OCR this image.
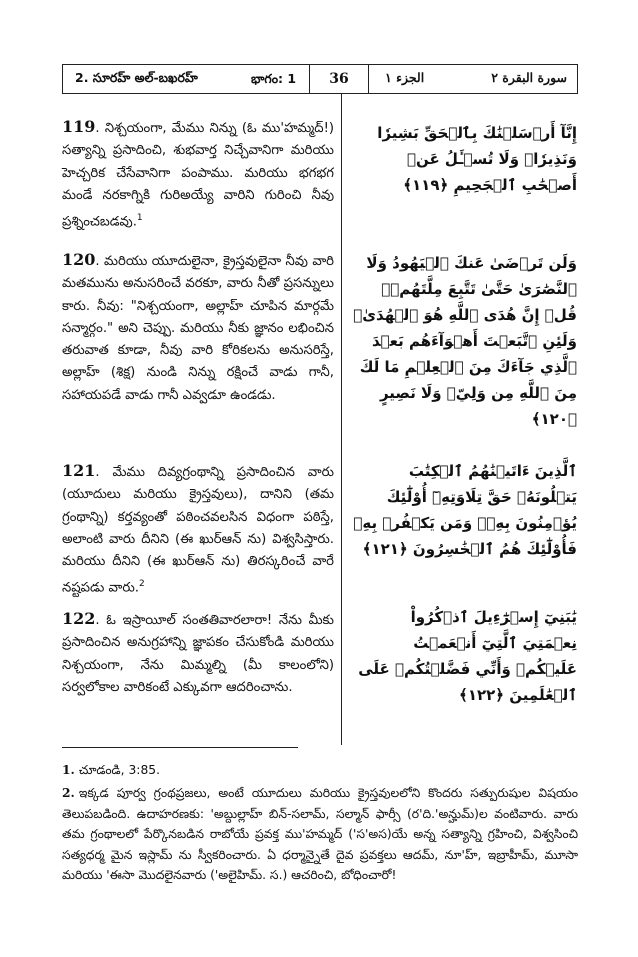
2. సూరహ్ అల్-బఖరహ్	భాగం: 1	36	الجزء ١	سورة البقرة ٢
119. నిశ్చయంగా, మేము నిన్ను (ఓ ము'హమ్మద్!) సత్యాన్ని ప్రసాదించి, శుభవార్త నిచ్చేవానిగా మరియు హెచ్చరిక చేసేవానిగా పంపాము. మరియు భగభగ మండే నరకాగ్నికి గురిఅయ్యే వారిని గురించి నీవు ప్రశ్నించబడవు.$^1$
إِنَّآ أَرۡسَلۡنَٰكَ بِٱلۡحَقِّ بَشِيرٗا وَنَذِيرٗاۖ وَلَا تُسۡـَٔلُ عَنۡ أَصۡحَٰبِ ٱلۡجَحِيمِ ﴿١١٩﴾
120. మరియు యూదులైనా, క్రైస్తవులైనా నీవు వారి మతమును అనుసరించే వరకూ, వారు నీతో ప్రసన్నులు కారు. నీవు: "నిశ్చయంగా, అల్లాహ్ చూపిన మార్గమే సన్మార్గం." అని చెప్పు. మరియు నీకు జ్ఞానం లభించిన తరువాత కూడా, నీవు వారి కోరికలను అనుసరిస్తే, అల్లాహ్ (శిక్ష) నుండి నిన్ను రక్షించే వాడు గానీ, సహాయపడే వాడు గానీ ఎవ్వడూ ఉండడు.
وَلَن تَرۡضَىٰ عَنكَ ٱلۡيَهُودُ وَلَا ٱلنَّصَٰرَىٰ حَتَّىٰ تَتَّبِعَ مِلَّتَهُمۡۗ قُلۡ إِنَّ هُدَى ٱللَّهِ هُوَ ٱلۡهُدَىٰۗ وَلَئِنِ ٱتَّبَعۡتَ أَهۡوَآءَهُم بَعۡدَ ٱلَّذِي جَآءَكَ مِنَ ٱلۡعِلۡمِ مَا لَكَ مِنَ ٱللَّهِ مِن وَلِيّٖ وَلَا نَصِيرٍ ﴿١٢٠﴾
121. మేము దివ్యగ్రంథాన్ని ప్రసాదించిన వారు (యూదులు మరియు క్రైస్తవులు), దానిని (తమ గ్రంథాన్ని) కర్తవ్యంతో పఠించవలసిన విధంగా పఠిస్తే, అలాంటి వారు దీనిని (ఈ ఖుర్ఆన్ ను) విశ్వసిస్తారు. మరియు దీనిని (ఈ ఖుర్ఆన్ ను) తిరస్కరించే వారే నష్టపడు వారు.$^2$
ٱلَّذِينَ ءَاتَيۡنَٰهُمُ ٱلۡكِتَٰبَ يَتۡلُونَهُۥ حَقَّ تِلَاوَتِهِۦٓ أُوْلَٰٓئِكَ يُؤۡمِنُونَ بِهِۦۗ وَمَن يَكۡفُرۡ بِهِۦ فَأُوْلَٰٓئِكَ هُمُ ٱلۡخَٰسِرُونَ ﴿١٢١﴾
122. ఓ ఇస్రాయీల్ సంతతివారలారా! నేను మీకు ప్రసాదించిన అనుగ్రహాన్ని జ్ఞాపకం చేసుకోండి మరియు నిశ్చయంగా, నేను మిమ్మల్ని (మీ కాలంలోని) సర్వలోకాల వారికంటే ఎక్కువగా ఆదరించాను.
يَٰبَنِيٓ إِسۡرَٰٓءِيلَ ٱذۡكُرُواْ نِعۡمَتِيَ ٱلَّتِيٓ أَنۡعَمۡتُ عَلَيۡكُمۡ وَأَنِّي فَضَّلۡتُكُمۡ عَلَى ٱلۡعَٰلَمِينَ ﴿١٢٢﴾
1. చూడండి, 3:85.
2. ఇక్కడ పూర్వ గ్రంథప్రజలు, అంటే యూదులు మరియు క్రైస్తవులలోని కొందరు సత్పురుషుల విషయం తెలుపబడింది. ఉదాహరణకు: 'అబ్దుల్లాహ్ బిన్-సలామ్, సల్మాన్ ఫార్సీ (ర'ది.'అన్హుమ్)ల వంటివారు. వారు తమ గ్రంథాలలో పేర్కొనబడిన రాబోయే ప్రవక్త ము'హమ్మద్ ('స'అస)యే అన్న సత్యాన్ని గ్రహించి, విశ్వసించి సత్యధర్మ మైన ఇస్లామ్ ను స్వీకరించారు. ఏ ధర్మాన్నైతే దైవ ప్రవక్తలు ఆదమ్, నూ'హ్, ఇబ్రాహీమ్, మూసా మరియు 'ఈసా మొదలైనవారు ('అలైహిమ్. స.) ఆచరించి, బోధించారో!
